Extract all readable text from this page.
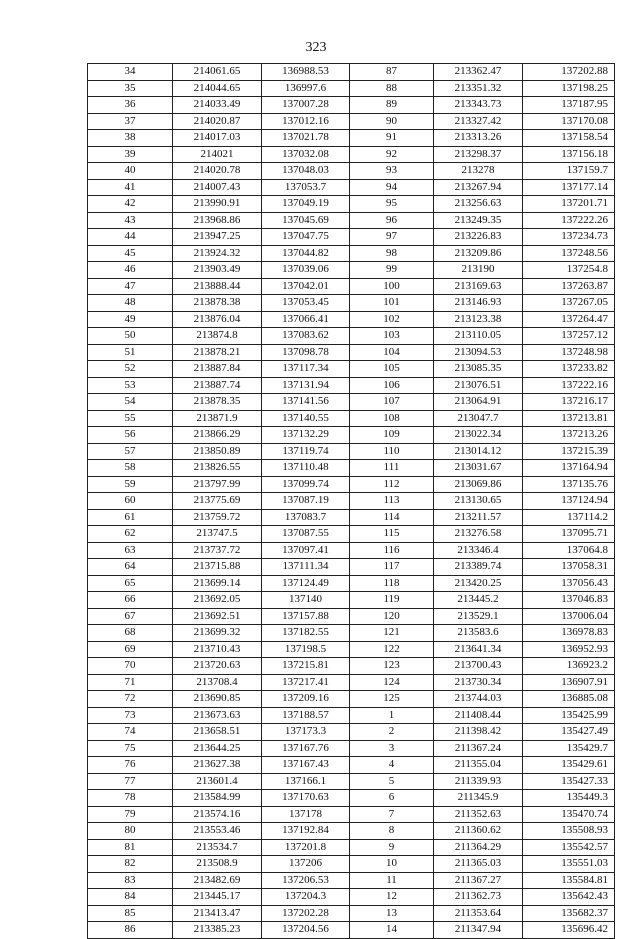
323
34	214061.65	136988.53	87	213362.47	137202.88
35	214044.65	136997.6	88	213351.32	137198.25
36	214033.49	137007.28	89	213343.73	137187.95
37	214020.87	137012.16	90	213327.42	137170.08
38	214017.03	137021.78	91	213313.26	137158.54
39	214021	137032.08	92	213298.37	137156.18
40	214020.78	137048.03	93	213278	137159.7
41	214007.43	137053.7	94	213267.94	137177.14
42	213990.91	137049.19	95	213256.63	137201.71
43	213968.86	137045.69	96	213249.35	137222.26
44	213947.25	137047.75	97	213226.83	137234.73
45	213924.32	137044.82	98	213209.86	137248.56
46	213903.49	137039.06	99	213190	137254.8
47	213888.44	137042.01	100	213169.63	137263.87
48	213878.38	137053.45	101	213146.93	137267.05
49	213876.04	137066.41	102	213123.38	137264.47
50	213874.8	137083.62	103	213110.05	137257.12
51	213878.21	137098.78	104	213094.53	137248.98
52	213887.84	137117.34	105	213085.35	137233.82
53	213887.74	137131.94	106	213076.51	137222.16
54	213878.35	137141.56	107	213064.91	137216.17
55	213871.9	137140.55	108	213047.7	137213.81
56	213866.29	137132.29	109	213022.34	137213.26
57	213850.89	137119.74	110	213014.12	137215.39
58	213826.55	137110.48	111	213031.67	137164.94
59	213797.99	137099.74	112	213069.86	137135.76
60	213775.69	137087.19	113	213130.65	137124.94
61	213759.72	137083.7	114	213211.57	137114.2
62	213747.5	137087.55	115	213276.58	137095.71
63	213737.72	137097.41	116	213346.4	137064.8
64	213715.88	137111.34	117	213389.74	137058.31
65	213699.14	137124.49	118	213420.25	137056.43
66	213692.05	137140	119	213445.2	137046.83
67	213692.51	137157.88	120	213529.1	137006.04
68	213699.32	137182.55	121	213583.6	136978.83
69	213710.43	137198.5	122	213641.34	136952.93
70	213720.63	137215.81	123	213700.43	136923.2
71	213708.4	137217.41	124	213730.34	136907.91
72	213690.85	137209.16	125	213744.03	136885.08
73	213673.63	137188.57	1	211408.44	135425.99
74	213658.51	137173.3	2	211398.42	135427.49
75	213644.25	137167.76	3	211367.24	135429.7
76	213627.38	137167.43	4	211355.04	135429.61
77	213601.4	137166.1	5	211339.93	135427.33
78	213584.99	137170.63	6	211345.9	135449.3
79	213574.16	137178	7	211352.63	135470.74
80	213553.46	137192.84	8	211360.62	135508.93
81	213534.7	137201.8	9	211364.29	135542.57
82	213508.9	137206	10	211365.03	135551.03
83	213482.69	137206.53	11	211367.27	135584.81
84	213445.17	137204.3	12	211362.73	135642.43
85	213413.47	137202.28	13	211353.64	135682.37
86	213385.23	137204.56	14	211347.94	135696.42
